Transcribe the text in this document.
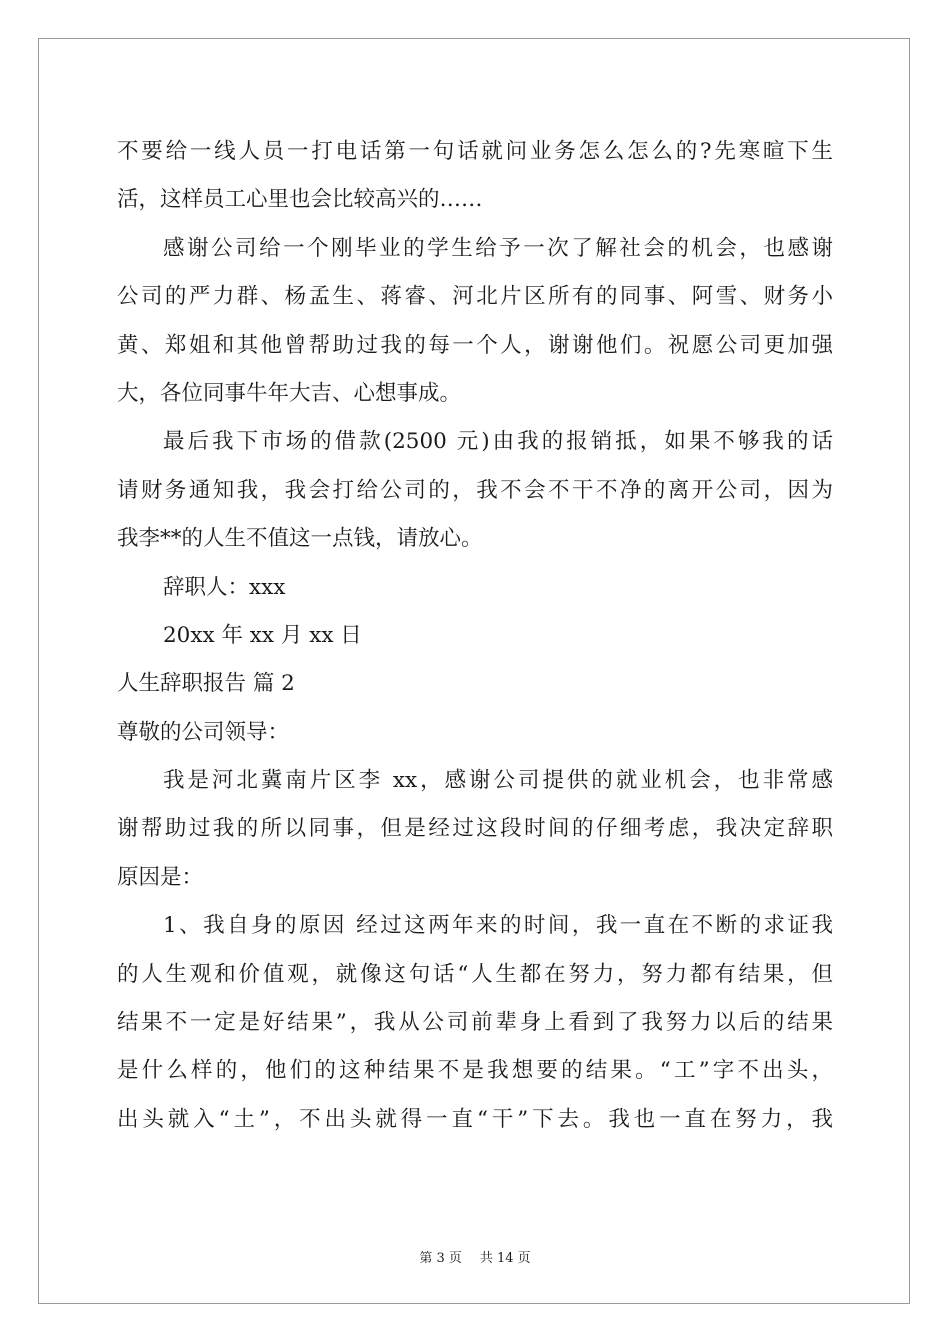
不要给一线人员一打电话第一句话就问业务怎么怎么的?先寒暄下生
活，这样员工心里也会比较高兴的……
感谢公司给一个刚毕业的学生给予一次了解社会的机会，也感谢
公司的严力群、杨孟生、蒋睿、河北片区所有的同事、阿雪、财务小
黄、郑姐和其他曾帮助过我的每一个人，谢谢他们。祝愿公司更加强
大，各位同事牛年大吉、心想事成。
最后我下市场的借款(2500 元)由我的报销抵，如果不够我的话
请财务通知我，我会打给公司的，我不会不干不净的离开公司，因为
我李**的人生不值这一点钱，请放心。
辞职人：xxx
20xx 年 xx 月 xx 日
人生辞职报告 篇 2
尊敬的公司领导：
我是河北冀南片区李 xx，感谢公司提供的就业机会，也非常感
谢帮助过我的所以同事，但是经过这段时间的仔细考虑，我决定辞职
原因是：
1、我自身的原因 经过这两年来的时间，我一直在不断的求证我
的人生观和价值观，就像这句话“人生都在努力，努力都有结果，但
结果不一定是好结果”，我从公司前辈身上看到了我努力以后的结果
是什么样的，他们的这种结果不是我想要的结果。“工”字不出头，
出头就入“土”，不出头就得一直“干”下去。我也一直在努力，我
第 3 页 共 14 页
